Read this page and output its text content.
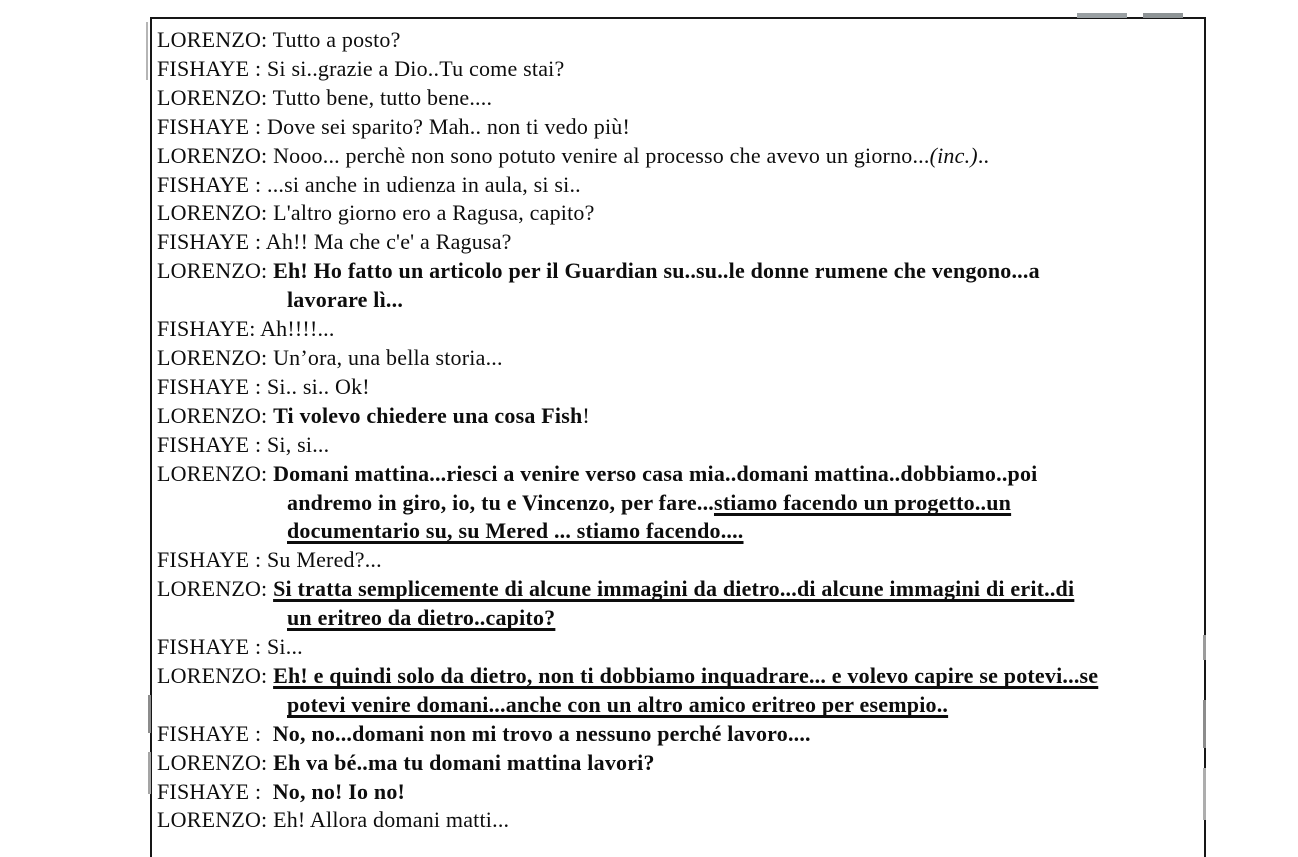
LORENZO: Tutto a posto?
FISHAYE : Si si..grazie a Dio..Tu come stai?
LORENZO: Tutto bene, tutto bene....
FISHAYE : Dove sei sparito? Mah.. non ti vedo più!
LORENZO: Nooo... perchè non sono potuto venire al processo che avevo un giorno...(inc.)..
FISHAYE : ...si anche in udienza in aula, si si..
LORENZO: L'altro giorno ero a Ragusa, capito?
FISHAYE : Ah!! Ma che c'e' a Ragusa?
LORENZO: Eh! Ho fatto un articolo per il Guardian su..su..le donne rumene che vengono...a
lavorare lì...
FISHAYE: Ah!!!!...
LORENZO: Un’ora, una bella storia...
FISHAYE : Si.. si.. Ok!
LORENZO: Ti volevo chiedere una cosa Fish!
FISHAYE : Si, si...
LORENZO: Domani mattina...riesci a venire verso casa mia..domani mattina..dobbiamo..poi
andremo in giro, io, tu e Vincenzo, per fare...stiamo facendo un progetto..un
documentario su, su Mered ... stiamo facendo....
FISHAYE : Su Mered?...
LORENZO: Si tratta semplicemente di alcune immagini da dietro...di alcune immagini di erit..di
un eritreo da dietro..capito?
FISHAYE : Si...
LORENZO: Eh! e quindi solo da dietro, non ti dobbiamo inquadrare... e volevo capire se potevi...se
potevi venire domani...anche con un altro amico eritreo per esempio..
FISHAYE :  No, no...domani non mi trovo a nessuno perché lavoro....
LORENZO: Eh va bé..ma tu domani mattina lavori?
FISHAYE :  No, no! Io no!
LORENZO: Eh! Allora domani matti...
